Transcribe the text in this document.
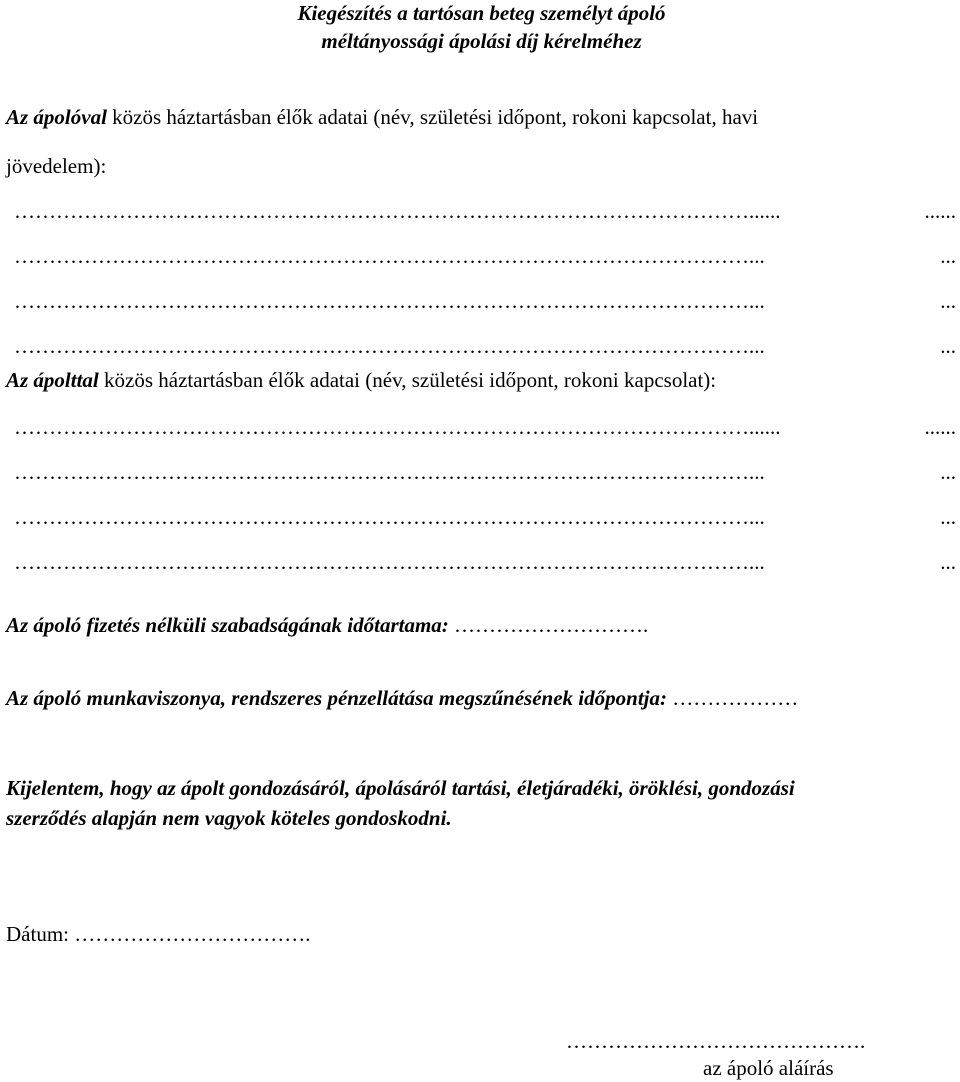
Kiegészítés a tartósan beteg személyt ápoló
méltányossági ápolási díj kérelméhez
Az ápolóval közös háztartásban élők adatai (név, születési időpont, rokoni kapcsolat, havi
jövedelem):
……………………………………………………………………………………………......	......
……………………………………………………………………………………………...	...
……………………………………………………………………………………………...	...
……………………………………………………………………………………………...	...
Az ápolttal közös háztartásban élők adatai (név, születési időpont, rokoni kapcsolat):
……………………………………………………………………………………………......	......
……………………………………………………………………………………………...	...
……………………………………………………………………………………………...	...
……………………………………………………………………………………………...	...
Az ápoló fizetés nélküli szabadságának időtartama: ……………………….
Az ápoló munkaviszonya, rendszeres pénzellátása megszűnésének időpontja: ………………
Kijelentem, hogy az ápolt gondozásáról, ápolásáról tartási, életjáradéki, öröklési, gondozási
szerződés alapján nem vagyok köteles gondoskodni.
Dátum: …………………………….
…………………………………….
az ápoló aláírás
